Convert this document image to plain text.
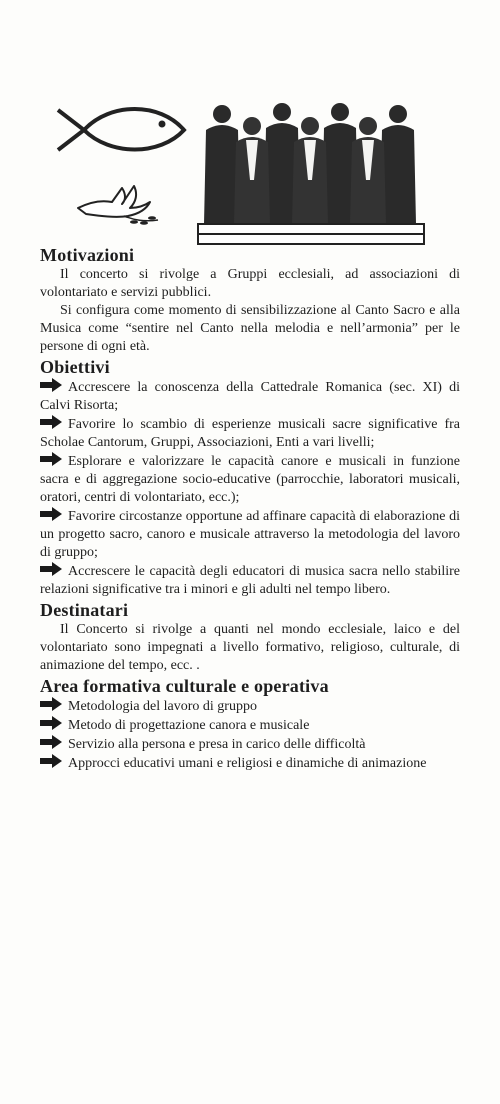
Motivazioni

Il concerto si rivolge a Gruppi ecclesiali, ad associazioni di volontariato e servizi pubblici.

Si configura come momento di sensibilizzazione al Canto Sacro e alla Musica come “sentire nel Canto nella melodia e nell’armonia” per le persone di ogni età.

Obiettivi
Accrescere la conoscenza della Cattedrale Romanica (sec. XI) di Calvi Risorta;
Favorire lo scambio di esperienze musicali sacre significative fra Scholae Cantorum, Gruppi, Associazioni, Enti a vari livelli;
Esplorare e valorizzare le capacità canore e musicali in funzione sacra e di aggregazione socio-educative (parrocchie, laboratori musicali, oratori, centri di volontariato, ecc.);
Favorire circostanze opportune ad affinare capacità di elaborazione di un progetto sacro, canoro e musicale attraverso la metodologia del lavoro di gruppo;
Accrescere le capacità degli educatori di musica sacra nello stabilire relazioni significative tra i minori e gli adulti nel tempo libero.
Destinatari

Il Concerto si rivolge a quanti nel mondo ecclesiale, laico e del volontariato sono impegnati a livello formativo, religioso, culturale, di animazione del tempo, ecc. .

Area formativa culturale e operativa
Metodologia del lavoro di gruppo
Metodo di progettazione canora e musicale
Servizio alla persona e presa in carico delle difficoltà
Approcci educativi umani e religiosi e dinamiche di animazione
